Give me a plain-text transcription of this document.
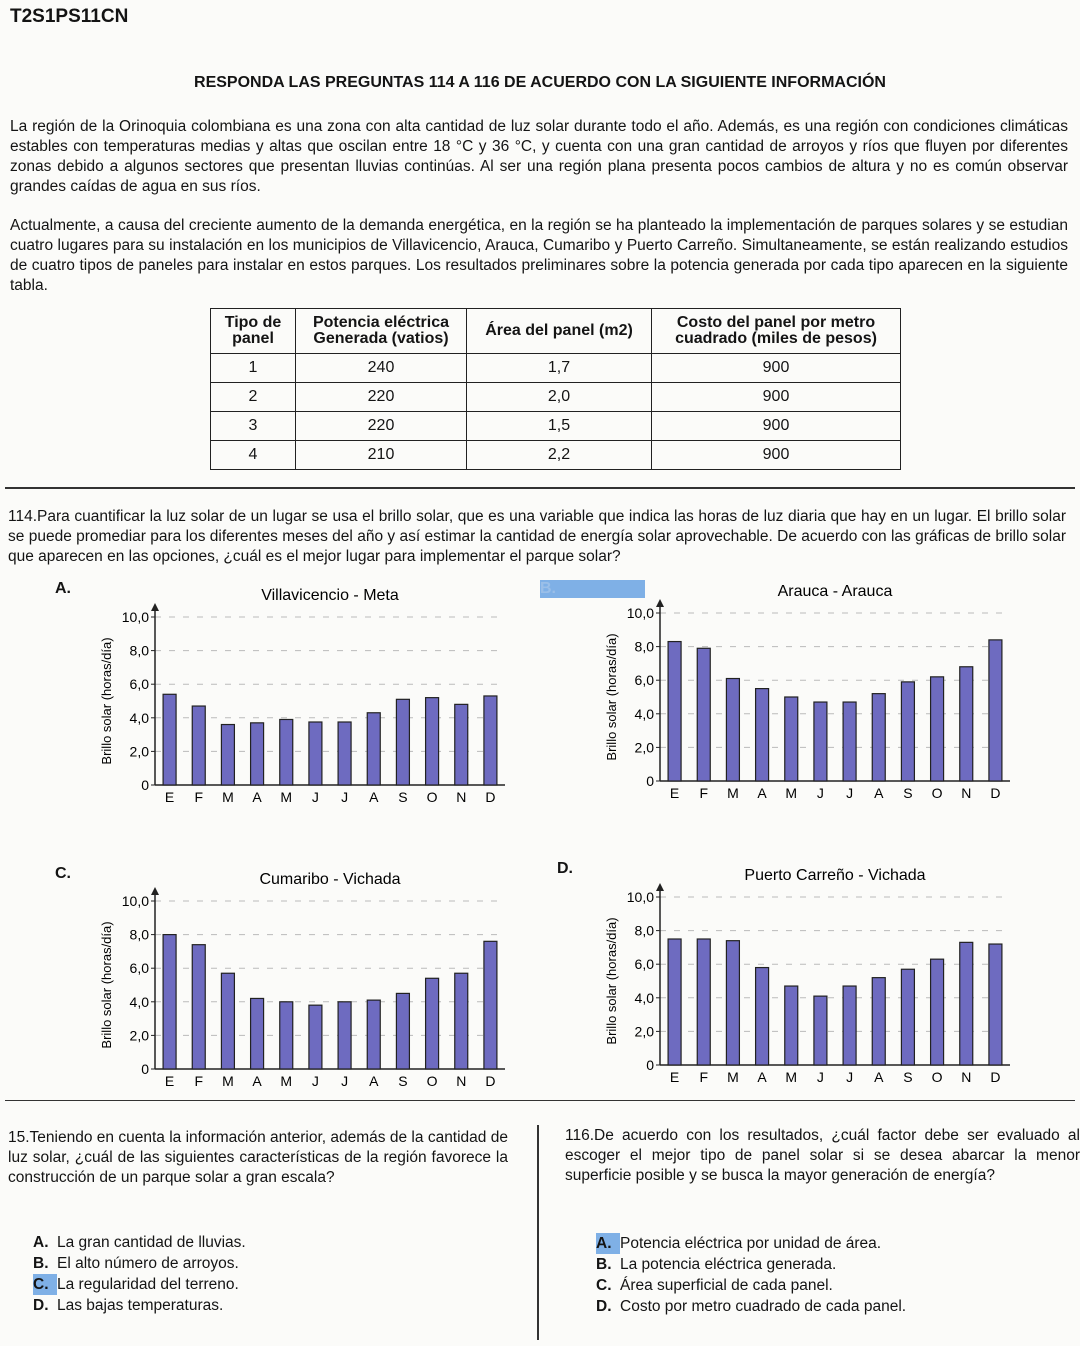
T2S1PS11CN
RESPONDA LAS PREGUNTAS 114 A 116 DE ACUERDO CON LA SIGUIENTE INFORMACIÓN
La región de la Orinoquia colombiana es una zona con alta cantidad de luz solar durante todo el año. Además, es una región con condiciones climáticas estables con temperaturas medias y altas que oscilan entre 18 °C y 36 °C, y cuenta con una gran cantidad de arroyos y ríos que fluyen por diferentes zonas debido a algunos sectores que presentan lluvias continúas. Al ser una región plana presenta pocos cambios de altura y no es común observar grandes caídas de agua en sus ríos.
Actualmente, a causa del creciente aumento de la demanda energética, en la región se ha planteado la implementación de parques solares y se estudian cuatro lugares para su instalación en los municipios de Villavicencio, Arauca, Cumaribo y Puerto Carreño. Simultaneamente, se están realizando estudios de cuatro tipos de paneles para instalar en estos parques. Los resultados preliminares sobre la potencia generada por cada tipo aparecen en la siguiente tabla.
Tipo de panel	Potencia eléctrica Generada (vatios)	Área del panel (m2)	Costo del panel por metro cuadrado (miles de pesos)
1	240	1,7	900
2	220	2,0	900
3	220	1,5	900
4	210	2,2	900
114.Para cuantificar la luz solar de un lugar se usa el brillo solar, que es una variable que indica las horas de luz diaria que hay en un lugar. El brillo solar se puede promediar para los diferentes meses del año y así estimar la cantidad de energía solar aprovechable. De acuerdo con las gráficas de brillo solar que aparecen en las opciones, ¿cuál es el mejor lugar para implementar el parque solar?
A.	B.
C.	D.
Villavicencio - Meta
Brillo solar (horas/día)
0
2,0
4,0
6,0
8,0
10,0
E F M A M J J A S O N D
Arauca - Arauca
Brillo solar (horas/día)
0
2,0
4,0
6,0
8,0
10,0
E F M A M J J A S O N D
Cumaribo - Vichada
Brillo solar (horas/día)
0
2,0
4,0
6,0
8,0
10,0
E F M A M J J A S O N D
Puerto Carreño - Vichada
Brillo solar (horas/día)
0
2,0
4,0
6,0
8,0
10,0
E F M A M J J A S O N D
15.Teniendo en cuenta la información anterior, además de la cantidad de luz solar, ¿cuál de las siguientes características de la región favorece la construcción de un parque solar a gran escala?
A. La gran cantidad de lluvias.
B. El alto número de arroyos.
C. La regularidad del terreno.
D. Las bajas temperaturas.
116.De acuerdo con los resultados, ¿cuál factor debe ser evaluado al escoger el mejor tipo de panel solar si se desea abarcar la menor superficie posible y se busca la mayor generación de energía?
A. Potencia eléctrica por unidad de área.
B. La potencia eléctrica generada.
C. Área superficial de cada panel.
D. Costo por metro cuadrado de cada panel.
